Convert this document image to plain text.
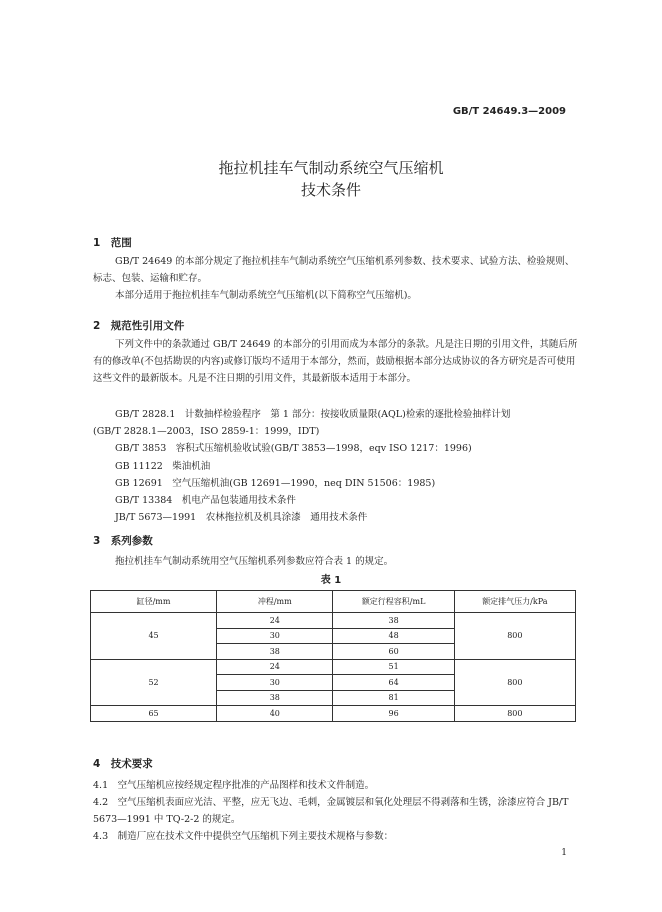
GB/T 24649.3—2009
拖拉机挂车气制动系统空气压缩机
技术条件
1　范围
GB/T 24649 的本部分规定了拖拉机挂车气制动系统空气压缩机系列参数、技术要求、试验方法、检验规则、标志、包装、运输和贮存。
本部分适用于拖拉机挂车气制动系统空气压缩机(以下简称空气压缩机)。
2　规范性引用文件
下列文件中的条款通过 GB/T 24649 的本部分的引用而成为本部分的条款。凡是注日期的引用文件，其随后所有的修改单(不包括勘误的内容)或修订版均不适用于本部分，然而，鼓励根据本部分达成协议的各方研究是否可使用这些文件的最新版本。凡是不注日期的引用文件，其最新版本适用于本部分。
GB/T 2828.1　计数抽样检验程序　第 1 部分：按接收质量限(AQL)检索的逐批检验抽样计划
(GB/T 2828.1—2003，ISO 2859-1：1999，IDT)
GB/T 3853　容积式压缩机验收试验(GB/T 3853—1998，eqv ISO 1217：1996)
GB 11122　柴油机油
GB 12691　空气压缩机油(GB 12691—1990，neq DIN 51506：1985)
GB/T 13384　机电产品包装通用技术条件
JB/T 5673—1991　农林拖拉机及机具涂漆　通用技术条件
3　系列参数
拖拉机挂车气制动系统用空气压缩机系列参数应符合表 1 的规定。
表 1
缸径/mm	冲程/mm	额定行程容积/mL	额定排气压力/kPa
45	24	38	800
	30	48	
	38	60	
52	24	51	800
	30	64	
	38	81	
65	40	96	800
4　技术要求
4.1　空气压缩机应按经规定程序批准的产品图样和技术文件制造。
4.2　空气压缩机表面应光洁、平整，应无飞边、毛刺，金属镀层和氧化处理层不得剥落和生锈，涂漆应符合 JB/T 5673—1991 中 TQ-2-2 的规定。
4.3　制造厂应在技术文件中提供空气压缩机下列主要技术规格与参数：
1
